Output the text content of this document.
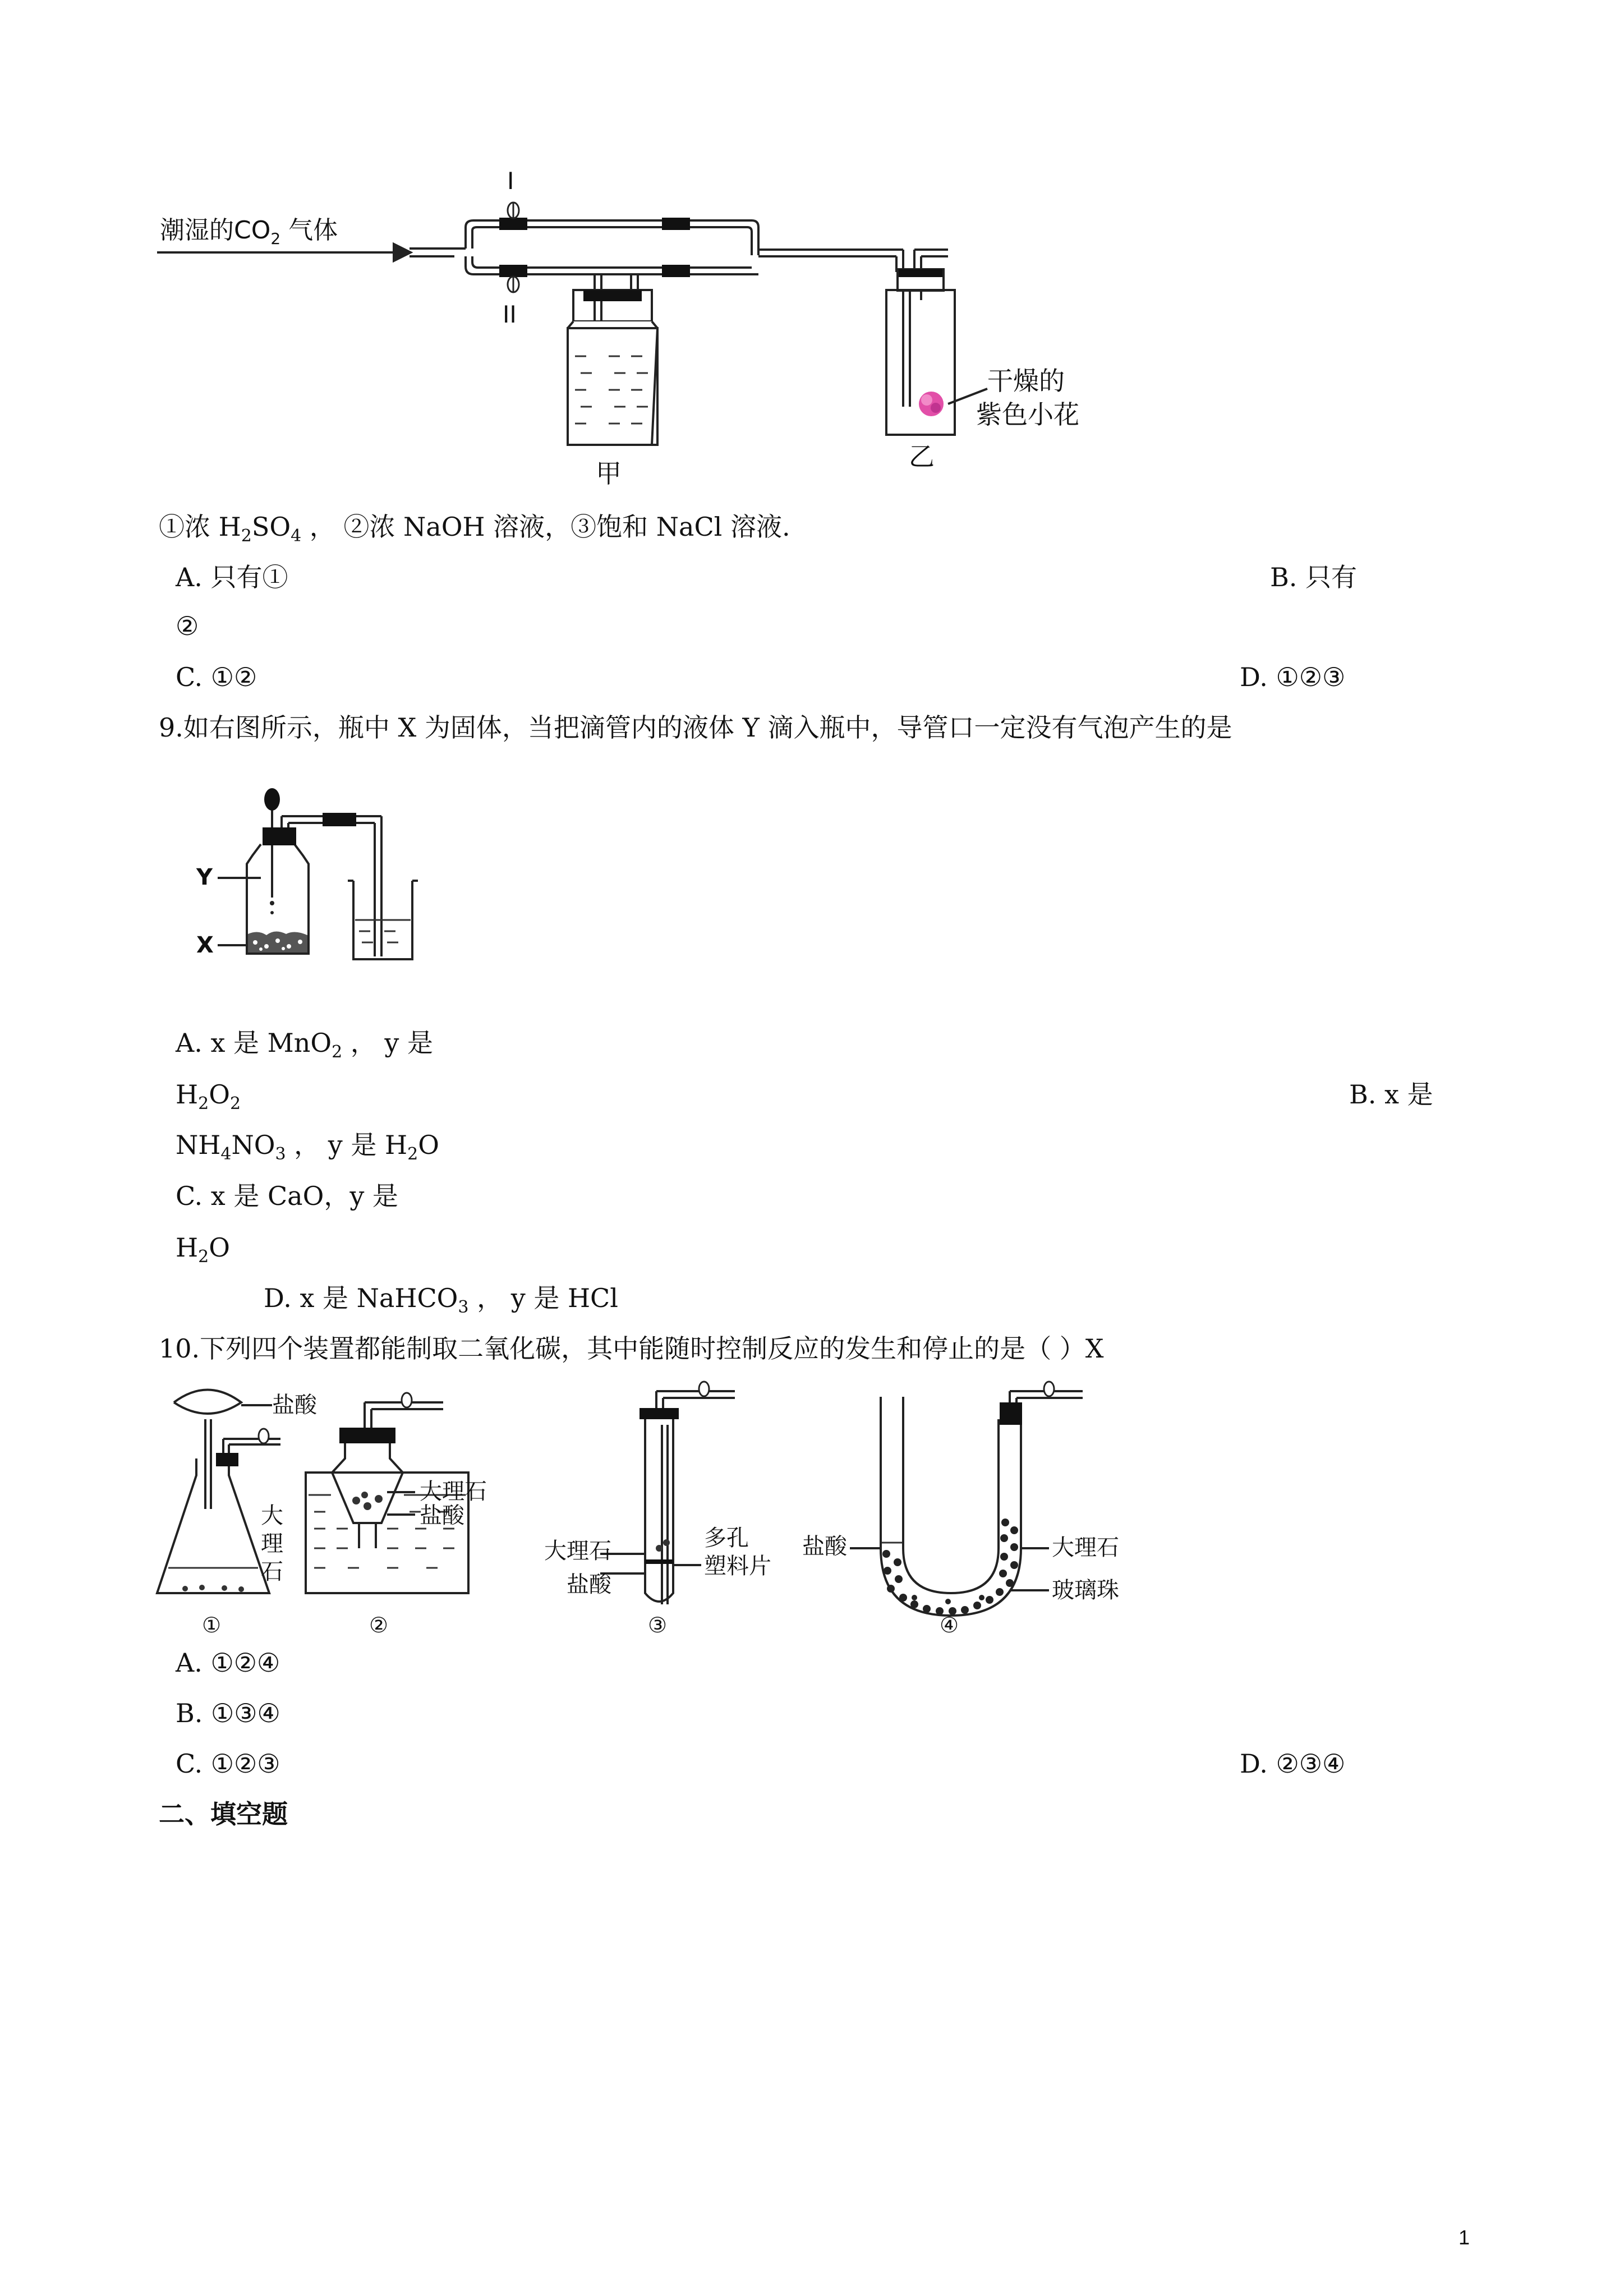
潮湿的$CO_2$ 气体
I
II
甲
乙
干燥的
紫色小花
①浓 $H_2SO_4$ ， ②浓 NaOH 溶液，③饱和 NaCl 溶液.
A. 只有①	B. 只有
②
C. ①②	D. ①②③
9.如右图所示，瓶中 X 为固体，当把滴管内的液体 Y 滴入瓶中，导管口一定没有气泡产生的是
Y
X
A. x 是 MnO$_2$ ， y 是
$H_2O_2$	B. x 是
$NH_4NO_3$ ， y 是 $H_2O$
C. x 是 CaO，y 是
$H_2O$
D. x 是 NaHCO$_3$ ， y 是 HCl
10.下列四个装置都能制取二氧化碳，其中能随时控制反应的发生和停止的是（ ）X
盐酸
大
理
石
大理石
盐酸
大理石
盐酸
多孔
塑料片
盐酸	大理石
玻璃珠
①	②	③	④
A. ①②④
B. ①③④
C. ①②③	D. ②③④
二、填空题
1
